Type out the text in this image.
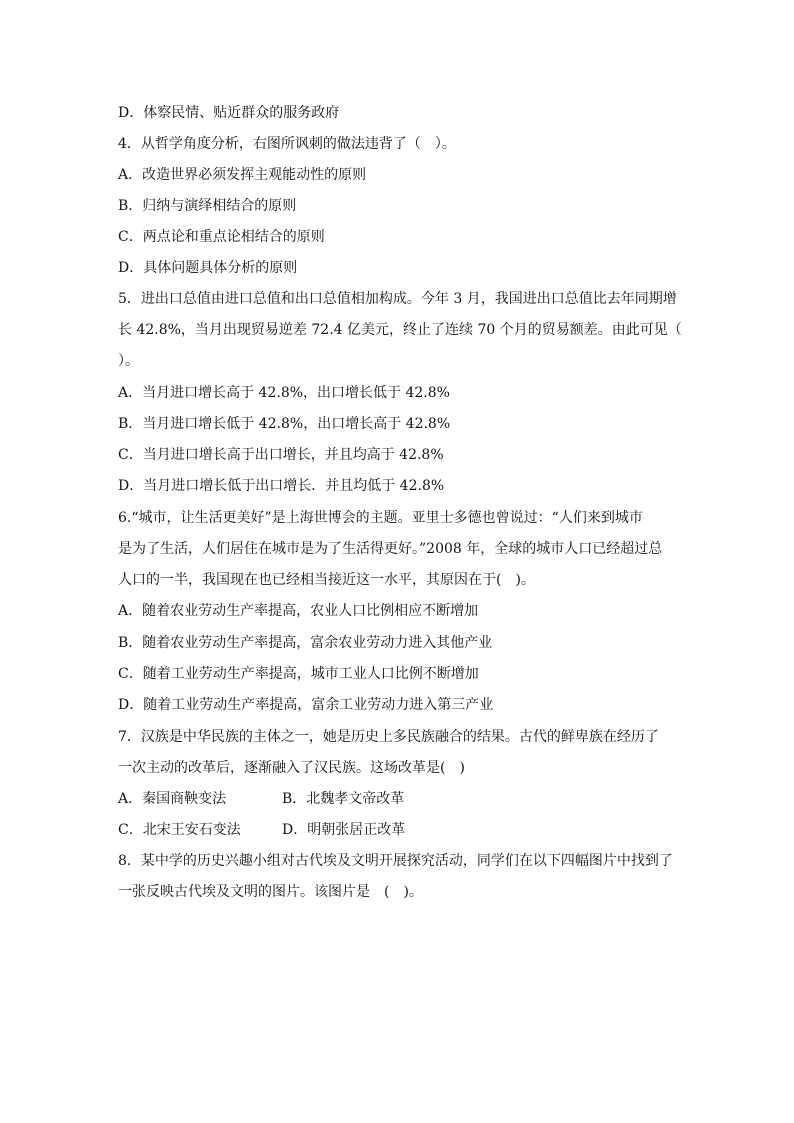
D．体察民情、贴近群众的服务政府
4．从哲学角度分析，右图所讽刺的做法违背了（　）。
A．改造世界必须发挥主观能动性的原则
B．归纳与演绎相结合的原则
C．两点论和重点论相结合的原则
D．具体问题具体分析的原则
5．进出口总值由进口总值和出口总值相加构成。今年 3 月，我国进出口总值比去年同期增
长 42.8%，当月出现贸易逆差 72.4 亿美元，终止了连续 70 个月的贸易额差。由此可见（
）。
A．当月进口增长高于 42.8%，出口增长低于 42.8%
B．当月进口增长低于 42.8%，出口增长高于 42.8%
C．当月进口增长高于出口增长，并且均高于 42.8%
D．当月进口增长低于出口增长．并且均低于 42.8%
6.“城市，让生活更美好”是上海世博会的主题。亚里士多德也曾说过：“人们来到城市
是为了生活，人们居住在城市是为了生活得更好。”2008 年，全球的城市人口已经超过总
人口的一半，我国现在也已经相当接近这一水平，其原因在于(　)。
A．随着农业劳动生产率提高，农业人口比例相应不断增加
B．随着农业劳动生产率提高，富余农业劳动力进入其他产业
C．随着工业劳动生产率提高，城市工业人口比例不断增加
D．随着工业劳动生产率提高，富余工业劳动力进入第三产业
7．汉族是中华民族的主体之一，她是历史上多民族融合的结果。古代的鲜卑族在经历了
一次主动的改革后，逐渐融入了汉民族。这场改革是(　)
A．秦国商鞅变法	B．北魏孝文帝改革
C．北宋王安石变法	D．明朝张居正改革
8．某中学的历史兴趣小组对古代埃及文明开展探究活动，同学们在以下四幅图片中找到了
一张反映古代埃及文明的图片。该图片是　(　)。
